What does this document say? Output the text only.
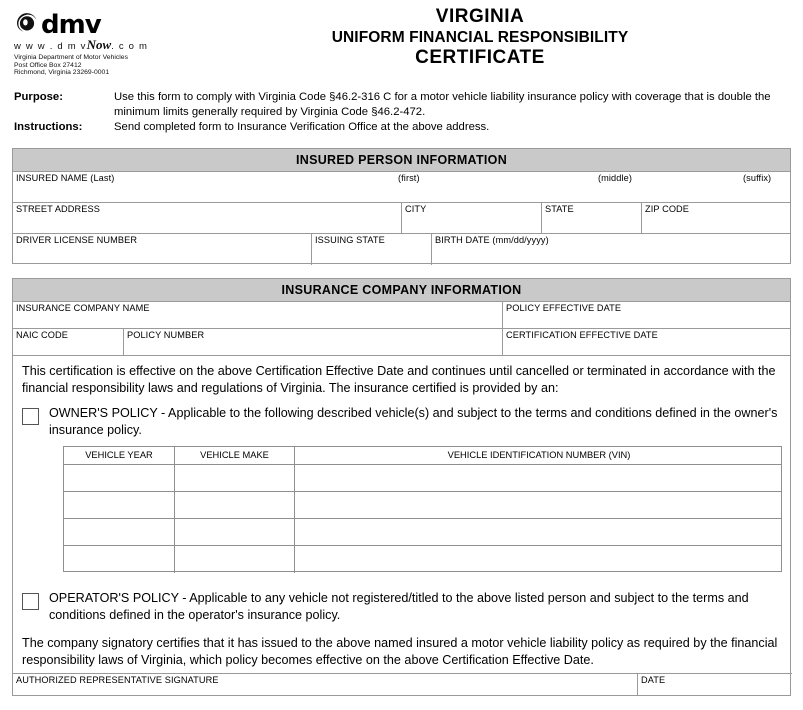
dmv
w w w . d m vNow. c o m
Virginia Department of Motor Vehicles
Post Office Box 27412
Richmond, Virginia 23269-0001
VIRGINIA
UNIFORM FINANCIAL RESPONSIBILITY
CERTIFICATE
Purpose:	Use this form to comply with Virginia Code §46.2-316 C for a motor vehicle liability insurance policy with coverage that is double the minimum limits generally required by Virginia Code §46.2-472.
Instructions:	Send completed form to Insurance Verification Office at the above address.
INSURED PERSON INFORMATION
INSURED NAME (Last)	(first)	(middle)	(suffix)
STREET ADDRESS	CITY	STATE	ZIP CODE
DRIVER LICENSE NUMBER	ISSUING STATE	BIRTH DATE (mm/dd/yyyy)
INSURANCE COMPANY INFORMATION
INSURANCE COMPANY NAME	POLICY EFFECTIVE DATE
NAIC CODE	POLICY NUMBER	CERTIFICATION EFFECTIVE DATE
This certification is effective on the above Certification Effective Date and continues until cancelled or terminated in accordance with the financial responsibility laws and regulations of Virginia. The insurance certified is provided by an:
OWNER'S POLICY - Applicable to the following described vehicle(s) and subject to the terms and conditions defined in the owner's insurance policy.
VEHICLE YEAR	VEHICLE MAKE	VEHICLE IDENTIFICATION NUMBER (VIN)
OPERATOR'S POLICY - Applicable to any vehicle not registered/titled to the above listed person and subject to the terms and conditions defined in the operator's insurance policy.
The company signatory certifies that it has issued to the above named insured a motor vehicle liability policy as required by the financial responsibility laws of Virginia, which policy becomes effective on the above Certification Effective Date.
AUTHORIZED REPRESENTATIVE SIGNATURE	DATE
